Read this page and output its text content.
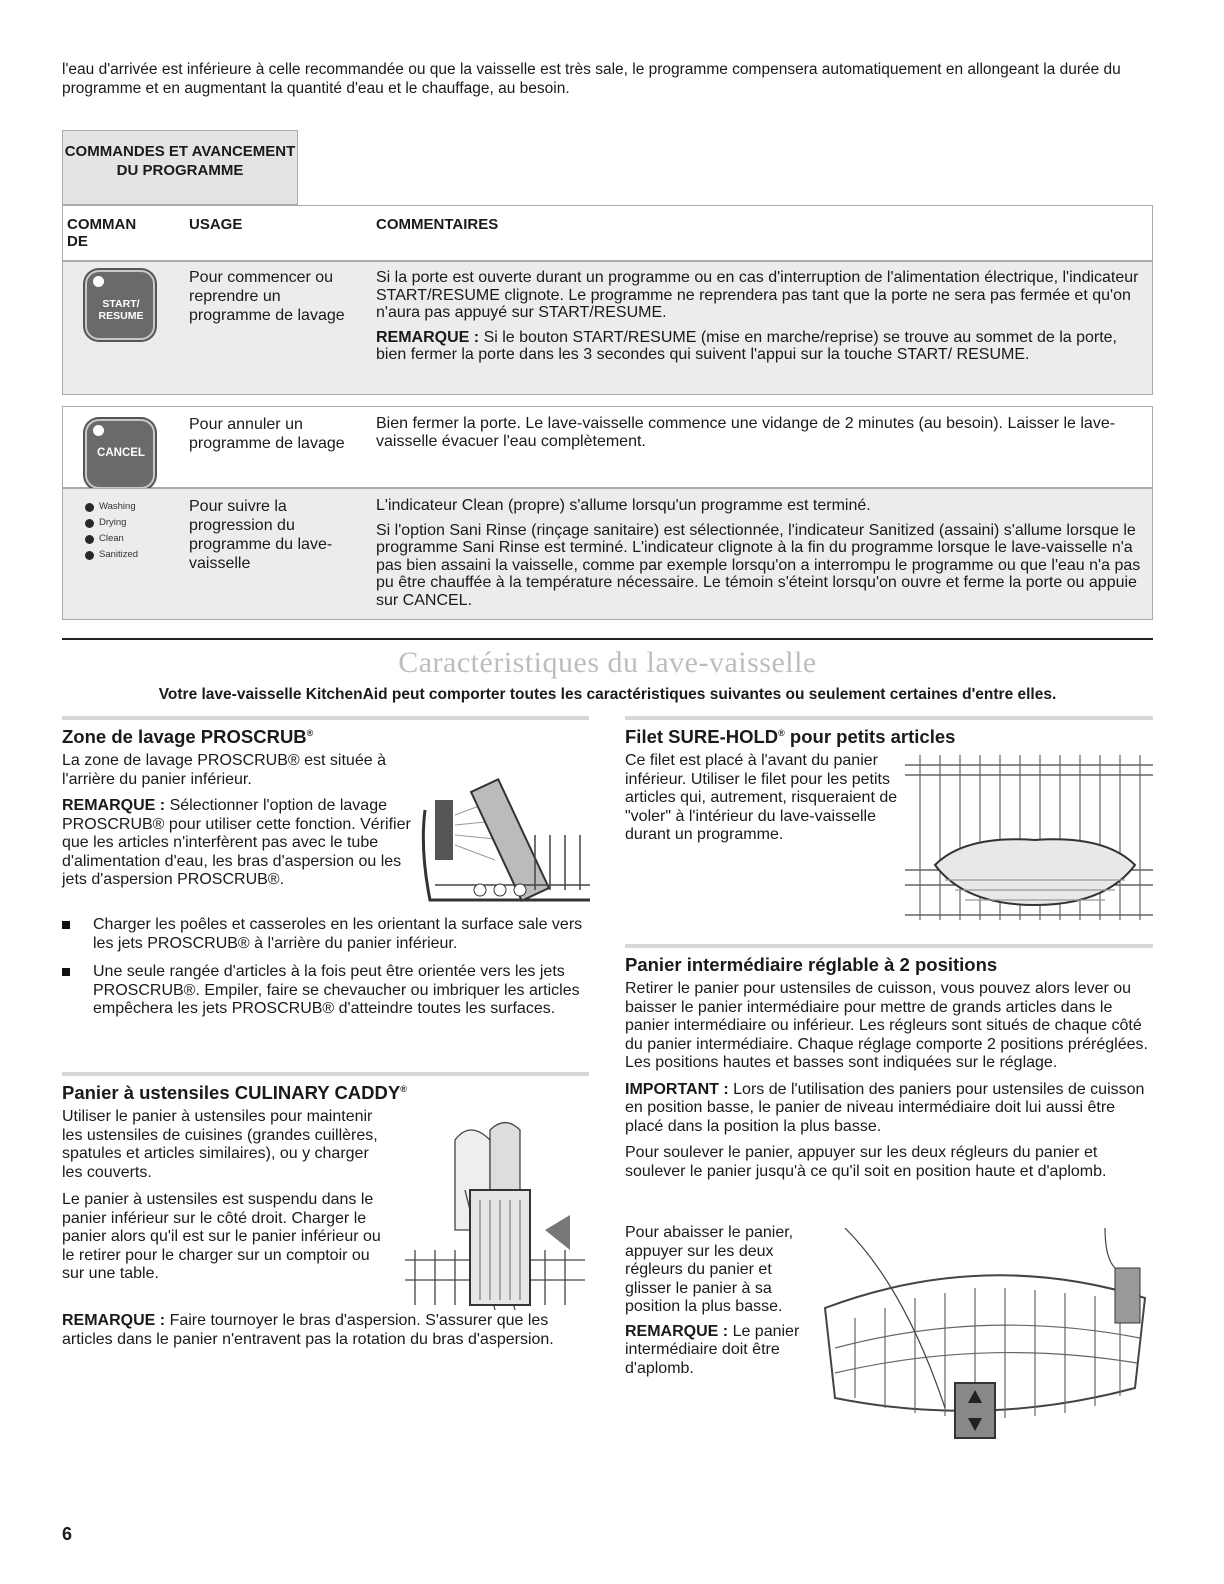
l'eau d'arrivée est inférieure à celle recommandée ou que la vaisselle est très sale, le programme compensera automatiquement en allongeant la durée du programme et en augmentant la quantité d'eau et le chauffage, au besoin.

COMMANDES ET AVANCEMENT DU PROGRAMME
COMMAN DE
USAGE	COMMENTAIRES
START/ RESUME
Pour commencer ou reprendre un programme de lavage

Si la porte est ouverte durant un programme ou en cas d'interruption de l'alimentation électrique, l'indicateur START/RESUME clignote. Le programme ne reprendera pas tant que la porte ne sera pas fermée et qu'on n'aura pas appuyé sur START/RESUME.

REMARQUE : Si le bouton START/RESUME (mise en marche/reprise) se trouve au sommet de la porte, bien fermer la porte dans les 3 secondes qui suivent l'appui sur la touche START/ RESUME.

CANCEL
Pour annuler un programme de lavage

Bien fermer la porte. Le lave-vaisselle commence une vidange de 2 minutes (au besoin). Laisser le lave-vaisselle évacuer l'eau complètement.

Washing
Drying
Clean
Sanitized
Pour suivre la progression du programme du lave-vaisselle

L'indicateur Clean (propre) s'allume lorsqu'un programme est terminé.

Si l'option Sani Rinse (rinçage sanitaire) est sélectionnée, l'indicateur Sanitized (assaini) s'allume lorsque le programme Sani Rinse est terminé. L'indicateur clignote à la fin du programme lorsque le lave-vaisselle n'a pas bien assaini la vaisselle, comme par exemple lorsqu'on a interrompu le programme ou que l'eau n'a pas pu être chauffée à la température nécessaire. Le témoin s'éteint lorsqu'on ouvre et ferme la porte ou appuie sur CANCEL.

Caractéristiques du lave-vaisselle
Votre lave-vaisselle KitchenAid peut comporter toutes les caractéristiques suivantes ou seulement certaines d'entre elles.
Zone de lavage PROSCRUB®

La zone de lavage PROSCRUB® est située à l'arrière du panier inférieur.

REMARQUE : Sélectionner l'option de lavage PROSCRUB® pour utiliser cette fonction. Vérifier que les articles n'interfèrent pas avec le tube d'alimentation d'eau, les bras d'aspersion ou les jets d'aspersion PROSCRUB®.

Charger les poêles et casseroles en les orientant la surface sale vers les jets PROSCRUB® à l'arrière du panier inférieur.
Une seule rangée d'articles à la fois peut être orientée vers les jets PROSCRUB®. Empiler, faire se chevaucher ou imbriquer les articles empêchera les jets PROSCRUB® d'atteindre toutes les surfaces.
Panier à ustensiles CULINARY CADDY®

Utiliser le panier à ustensiles pour maintenir les ustensiles de cuisines (grandes cuillères, spatules et articles similaires), ou y charger les couverts.

Le panier à ustensiles est suspendu dans le panier inférieur sur le côté droit. Charger le panier alors qu'il est sur le panier inférieur ou le retirer pour le charger sur un comptoir ou sur une table.

REMARQUE : Faire tournoyer le bras d'aspersion. S'assurer que les articles dans le panier n'entravent pas la rotation du bras d'aspersion.

Filet SURE-HOLD® pour petits articles
Ce filet est placé à l'avant du panier inférieur. Utiliser le filet pour les petits articles qui, autrement, risqueraient de "voler" à l'intérieur du lave-vaisselle durant un programme.
Panier intermédiaire réglable à 2 positions

Retirer le panier pour ustensiles de cuisson, vous pouvez alors lever ou baisser le panier intermédiaire pour mettre de grands articles dans le panier intermédiaire ou inférieur. Les régleurs sont situés de chaque côté du panier intermédiaire. Chaque réglage comporte 2 positions préréglées. Les positions hautes et basses sont indiquées sur le réglage.

IMPORTANT : Lors de l'utilisation des paniers pour ustensiles de cuisson en position basse, le panier de niveau intermédiaire doit lui aussi être placé dans la position la plus basse.

Pour soulever le panier, appuyer sur les deux régleurs du panier et soulever le panier jusqu'à ce qu'il soit en position haute et d'aplomb.

Pour abaisser le panier, appuyer sur les deux régleurs du panier et glisser le panier à sa position la plus basse.

REMARQUE : Le panier intermédiaire doit être d'aplomb.

6
